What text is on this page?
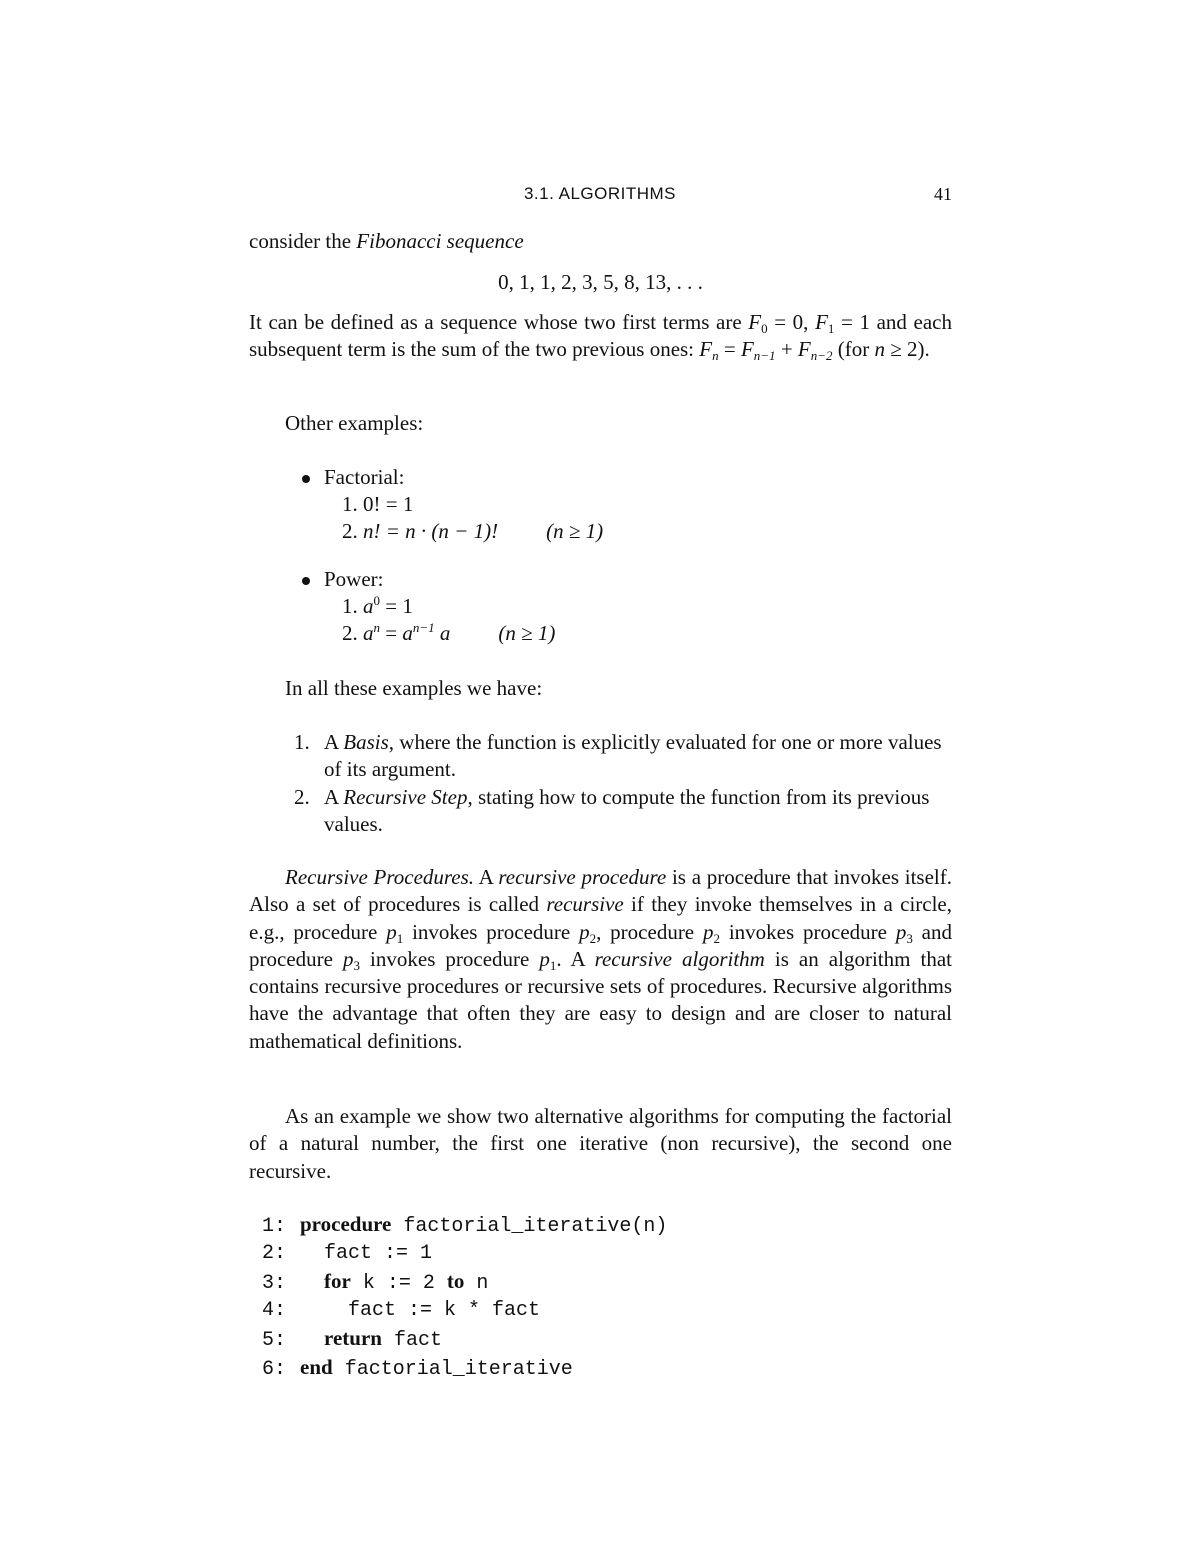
3.1. ALGORITHMS	41
consider the Fibonacci sequence
0, 1, 1, 2, 3, 5, 8, 13, . . .
It can be defined as a sequence whose two first terms are $F_0 = 0$, $F_1 = 1$ and each subsequent term is the sum of the two previous ones: $F_n = F_{n-1} + F_{n-2}$ (for n ≥ 2).
Other examples:
Factorial:
1. 0! = 1
2. n! = n · (n − 1)! (n ≥ 1)
Power:
1. $a^0 = 1$
2. $a^n = a^{n-1}$ a (n ≥ 1)
In all these examples we have:
1. A Basis, where the function is explicitly evaluated for one or more values of its argument.
2. A Recursive Step, stating how to compute the function from its previous values.
Recursive Procedures. A recursive procedure is a procedure that invokes itself. Also a set of procedures is called recursive if they invoke themselves in a circle, e.g., procedure $p_1$ invokes procedure $p_2$, procedure $p_2$ invokes procedure $p_3$ and procedure $p_3$ invokes procedure $p_1$. A recursive algorithm is an algorithm that contains recursive procedures or recursive sets of procedures. Recursive algorithms have the advantage that often they are easy to design and are closer to natural mathematical definitions.
As an example we show two alternative algorithms for computing the factorial of a natural number, the first one iterative (non recursive), the second one recursive.
1: procedure factorial_iterative(n)
2: fact := 1
3: for k := 2 to n
4:	fact := k * fact
5: return fact
6: end factorial_iterative
